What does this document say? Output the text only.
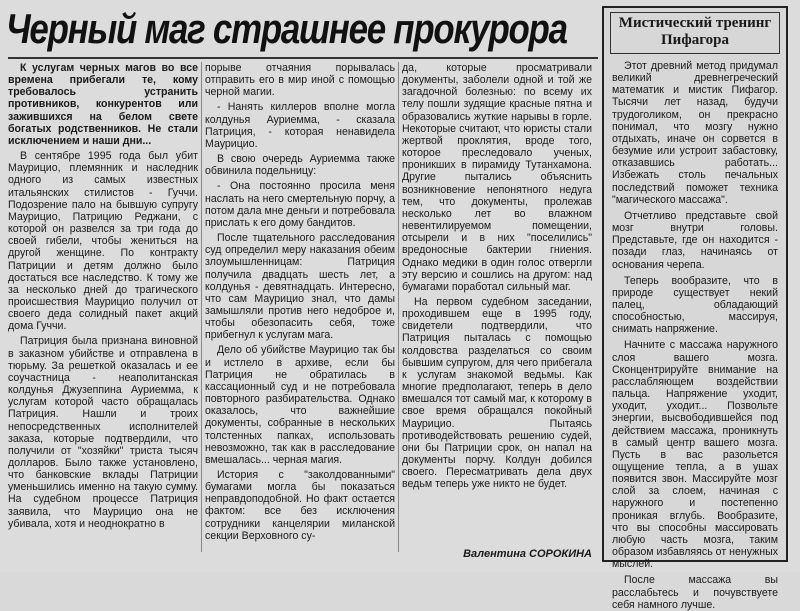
Черный маг страшнее прокурора

К услугам черных магов во все времена прибегали те, кому требовалось устранить противников, конкурентов или зажившихся на белом свете богатых родственников. Не стали исключением и наши дни...

В сентябре 1995 года был убит Маурицио, племянник и наследник одного из самых известных итальянских стилистов - Гуччи. Подозрение пало на бывшую супругу Маурицио, Патрицию Реджани, с которой он развелся за три года до своей гибели, чтобы жениться на другой женщине. По контракту Патриции и детям должно было достаться все наследство. К тому же за несколько дней до трагического происшествия Маурицио получил от своего деда солидный пакет акций дома Гуччи.

Патриция была признана виновной в заказном убийстве и отправлена в тюрьму. За решеткой оказалась и ее соучастница - неаполитанская колдунья Джузеппина Ауриемма, к услугам которой часто обращалась Патриция. Нашли и троих непосредственных исполнителей заказа, которые подтвердили, что получили от "хозяйки" триста тысяч долларов. Было также установлено, что банковские вклады Патриции уменьшились именно на такую сумму. На судебном процессе Патриция заявила, что Маурицио она не убивала, хотя и неоднократно в

порыве отчаяния порывалась отправить его в мир иной с помощью черной магии.

- Нанять киллеров вполне могла колдунья Ауриемма, - сказала Патриция, - которая ненавидела Маурицио.

В свою очередь Ауриемма также обвинила подельницу:

- Она постоянно просила меня наслать на него смертельную порчу, а потом дала мне деньги и потребовала прислать к его дому бандитов.

После тщательного расследования суд определил меру наказания обеим злоумышленницам: Патриция получила двадцать шесть лет, а колдунья - девятнадцать. Интересно, что сам Маурицио знал, что дамы замышляли против него недоброе и, чтобы обезопасить себя, тоже прибегнул к услугам мага.

Дело об убийстве Маурицио так бы и истлело в архиве, если бы Патриция не обратилась в кассационный суд и не потребовала повторного разбирательства. Однако оказалось, что важнейшие документы, собранные в нескольких толстенных папках, использовать невозможно, так как в расследование вмешалась... черная магия.

История с "заколдованными" бумагами могла бы показаться неправдоподобной. Но факт остается фактом: все без исключения сотрудники канцелярии миланской секции Верховного су-

да, которые просматривали документы, заболели одной и той же загадочной болезнью: по всему их телу пошли зудящие красные пятна и образовались жуткие нарывы в горле. Некоторые считают, что юристы стали жертвой проклятия, вроде того, которое преследовало ученых, проникших в пирамиду Тутанхамона. Другие пытались объяснить возникновение непонятного недуга тем, что документы, пролежав несколько лет во влажном невентилируемом помещении, отсырели и в них "поселились" вредоносные бактерии гниения. Однако медики в один голос отвергли эту версию и сошлись на другом: над бумагами поработал сильный маг.

На первом судебном заседании, проходившем еще в 1995 году, свидетели подтвердили, что Патриция пыталась с помощью колдовства разделаться со своим бывшим супругом, для чего прибегала к услугам знакомой ведьмы. Как многие предполагают, теперь в дело вмешался тот самый маг, к которому в свое время обращался покойный Маурицио. Пытаясь противодействовать решению судей, они бы Патриции срок, он напал на документы порчу. Колдун добился своего. Пересматривать дела двух ведьм теперь уже никто не будет.

Валентина СОРОКИНА
Мистический тренинг Пифагора

Этот древний метод придумал великий древнегреческий математик и мистик Пифагор. Тысячи лет назад, будучи трудоголиком, он прекрасно понимал, что мозгу нужно отдыхать, иначе он сорвется в безумие или устроит забастовку, отказавшись работать... Избежать столь печальных последствий поможет техника "магического массажа".

Отчетливо представьте свой мозг внутри головы. Представьте, где он находится - позади глаз, начинаясь от основания черепа.

Теперь вообразите, что в природе существует некий палец, обладающий способностью, массируя, снимать напряжение.

Начните с массажа наружного слоя вашего мозга. Сконцентрируйте внимание на расслабляющем воздействии пальца. Напряжение уходит, уходит, уходит... Позвольте энергии, высвободившейся под действием массажа, проникнуть в самый центр вашего мозга. Пусть в вас разольется ощущение тепла, а в ушах появится звон. Массируйте мозг слой за слоем, начиная с наружного и постепенно проникая вглубь. Вообразите, что вы способны массировать любую часть мозга, таким образом избавляясь от ненужных мыслей.

После массажа вы расслабьтесь и почувствуете себя намного лучше.
